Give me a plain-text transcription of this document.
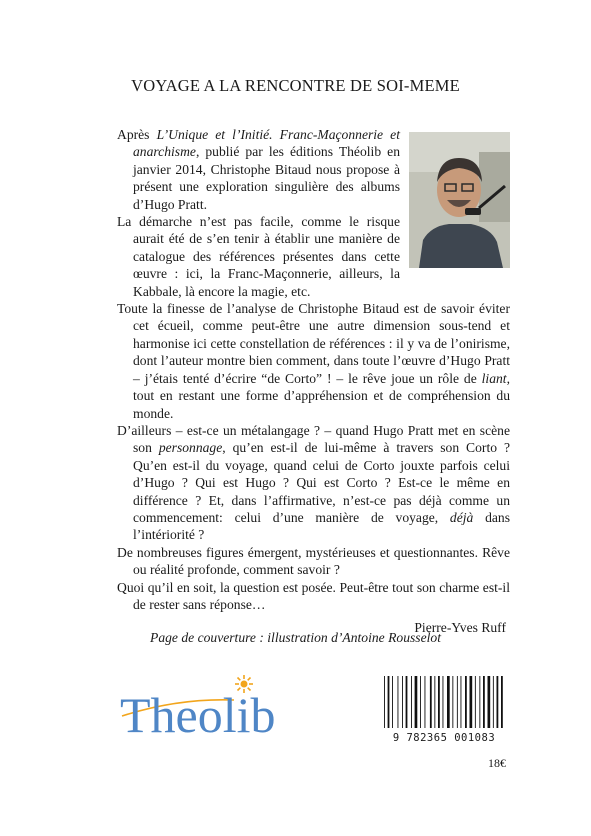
VOYAGE A LA RENCONTRE DE SOI-MEME

Après L’Unique et l’Initié. Franc-Maçonnerie et anarchisme, publié par les éditions Théolib en janvier 2014, Christophe Bitaud nous propose à présent une exploration singulière des albums d’Hugo Pratt.

La démarche n’est pas facile, comme le risque aurait été de s’en tenir à établir une manière de catalogue des références présentes dans cette œuvre : ici, la Franc-Maçonnerie, ailleurs, la Kabbale, là encore la magie, etc.

Toute la finesse de l’analyse de Christophe Bitaud est de savoir éviter cet écueil, comme peut-être une autre dimension sous-tend et harmonise ici cette constellation de références : il y va de l’onirisme, dont l’auteur montre bien comment, dans toute l’œuvre d’Hugo Pratt – j’étais tenté d’écrire “de Corto” ! – le rêve joue un rôle de liant, tout en restant une forme d’appréhension et de compréhension du monde.

D’ailleurs – est-ce un métalangage ? – quand Hugo Pratt met en scène son personnage, qu’en est-il de lui-même à travers son Corto ? Qu’en est-il du voyage, quand celui de Corto jouxte parfois celui d’Hugo ? Qui est Hugo ? Qui est Corto ? Est-ce le même en différence ? Et, dans l’affirmative, n’est-ce pas déjà comme un commencement: celui d’une manière de voyage, déjà dans l’intériorité ?

De nombreuses figures émergent, mystérieuses et questionnantes. Rêve ou réalité profonde, comment savoir ?

Quoi qu’il en soit, la question est posée. Peut-être tout son charme est-il de rester sans réponse…

Pierre-Yves Ruff

Page de couverture : illustration d’Antoine Rousselot
Theolib	9 782365 001083
18€
